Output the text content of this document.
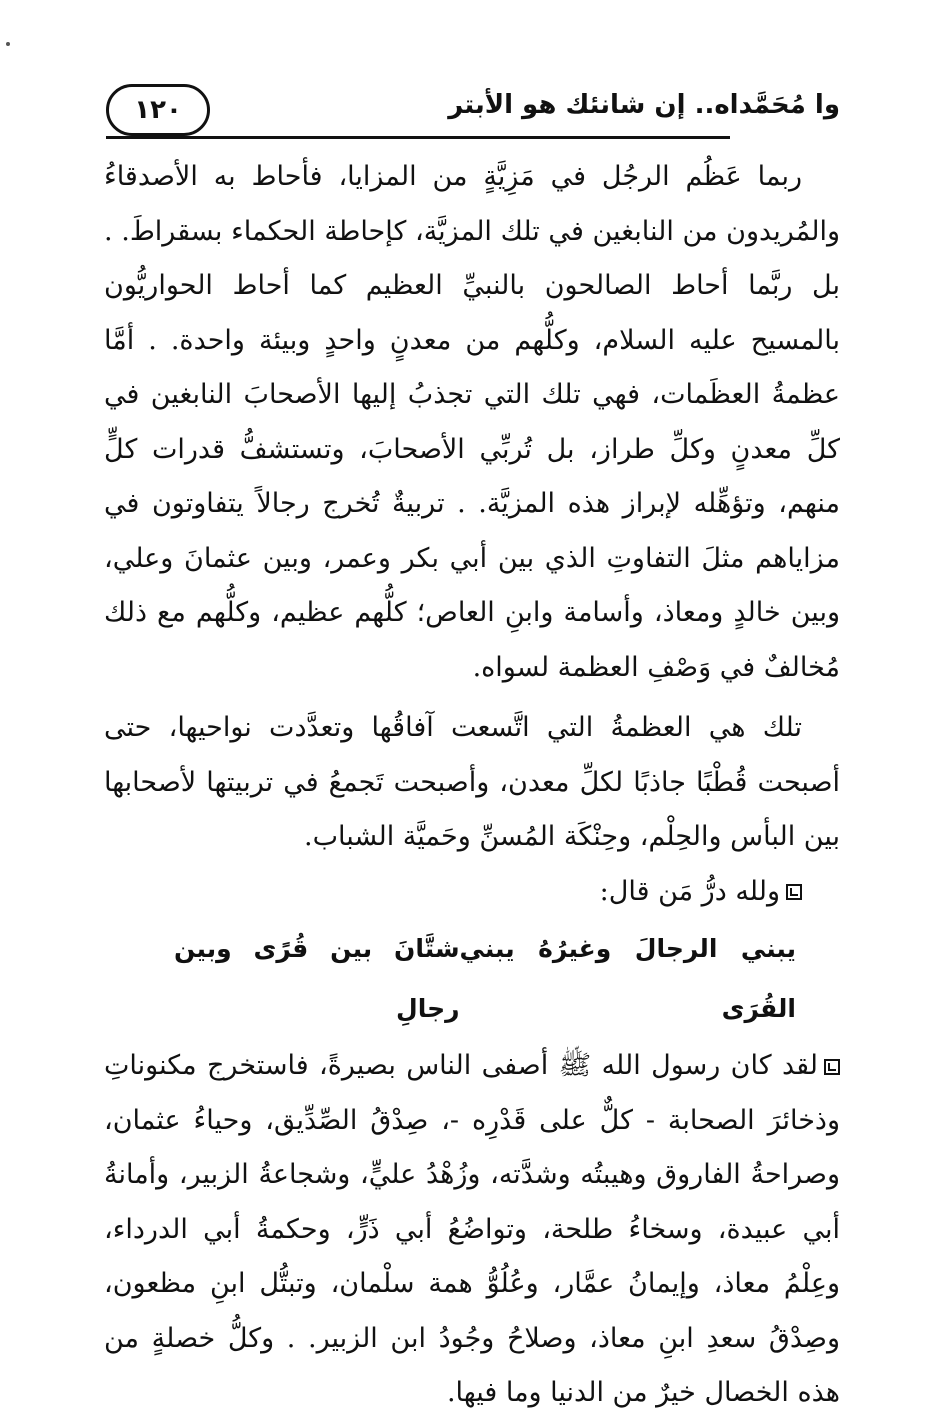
١٢٠	وا مُحَمَّداه.. إن شانئك هو الأبتر

ربما عَظُم الرجُل في مَزِيَّةٍ من المزايا، فأحاط به الأصدقاءُ والمُريدون من النابغين في تلك المزيَّة، كإحاطة الحكماء بسقراطَ. . بل ربَّما أحاط الصالحون بالنبيِّ العظيم كما أحاط الحواريُّون بالمسيح عليه السلام، وكلُّهم من معدنٍ واحدٍ وبيئة واحدة. . أمَّا عظمةُ العظَمات، فهي تلك التي تجذبُ إليها الأصحابَ النابغين في كلِّ معدنٍ وكلِّ طراز، بل تُربِّي الأصحابَ، وتستشفُّ قدرات كلٍّ منهم، وتؤهِّله لإبراز هذه المزيَّة. . تربيةٌ تُخرج رجالاً يتفاوتون في مزاياهم مثلَ التفاوتِ الذي بين أبي بكر وعمر، وبين عثمانَ وعلي، وبين خالدٍ ومعاذ، وأسامة وابنِ العاص؛ كلُّهم عظيم، وكلُّهم مع ذلك مُخالفٌ في وَصْفِ العظمة لسواه.

تلك هي العظمةُ التي اتَّسعت آفاقُها وتعدَّدت نواحيها، حتى أصبحت قُطْبًا جاذبًا لكلِّ معدن، وأصبحت تَجمعُ في تربيتها لأصحابها بين البأس والحِلْم، وحِنْكَة المُسنِّ وحَميَّة الشباب.

ولله درُّ مَن قال:

يبني الرجالَ وغيرُهُ يبني القُرَى
شتَّانَ بين قُرًى وبين رجالِ

لقد كان رسول الله ﷺ أصفى الناس بصيرةً، فاستخرج مكنوناتِ وذخائرَ الصحابة - كلٌّ على قَدْرِه -، صِدْقُ الصِّدِّيق، وحياءُ عثمان، وصراحةُ الفاروق وهيبتُه وشدَّته، وزُهْدُ عليٍّ، وشجاعةُ الزبير، وأمانةُ أبي عبيدة، وسخاءُ طلحة، وتواضُعُ أبي ذَرٍّ، وحكمةُ أبي الدرداء، وعِلْمُ معاذ، وإيمانُ عمَّار، وعُلُوُّ همة سلْمان، وتبتُّل ابنِ مظعون، وصِدْقُ سعدِ ابنِ معاذ، وصلاحُ وجُودُ ابن الزبير. . وكلُّ خصلةٍ من هذه الخصال خيرٌ من الدنيا وما فيها.
